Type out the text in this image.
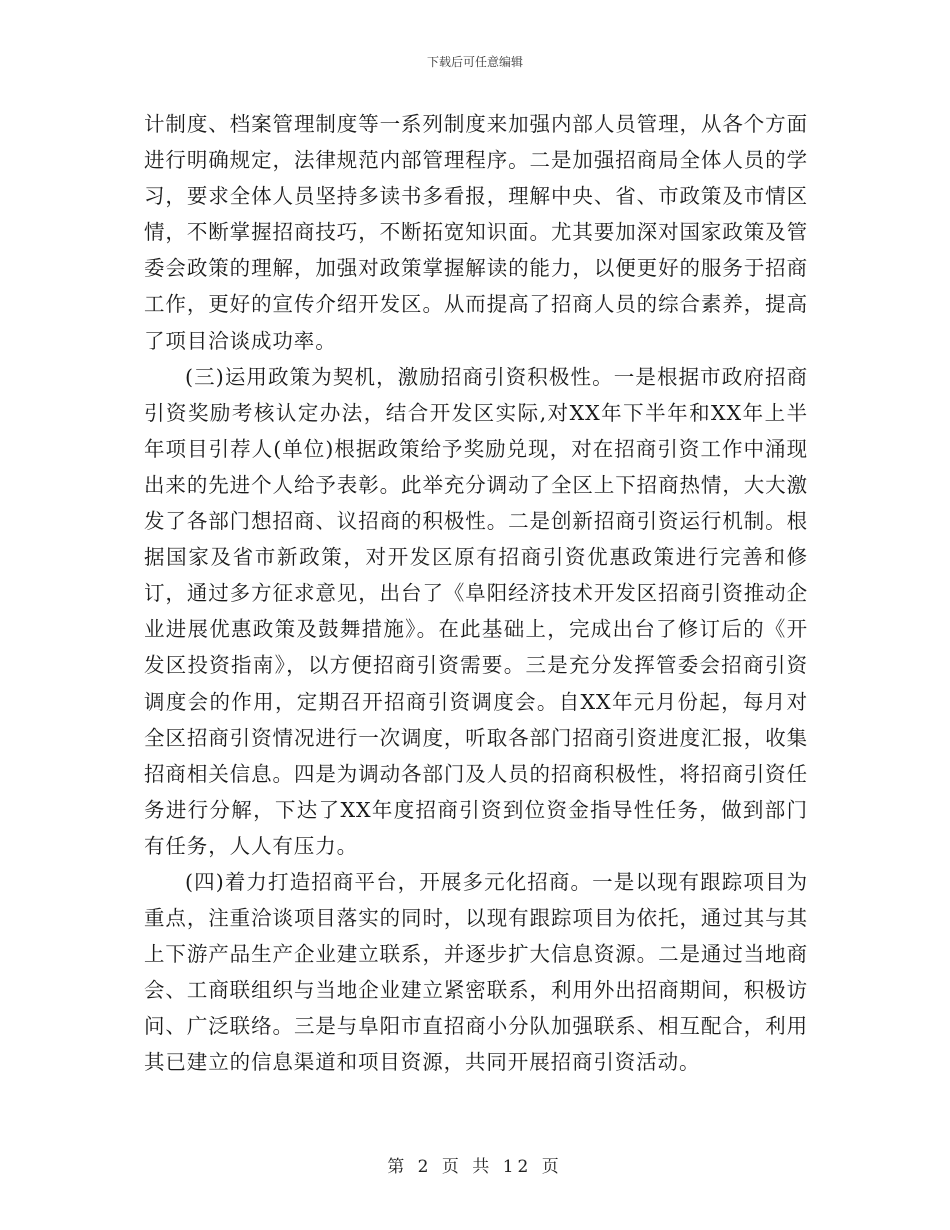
下载后可任意编辑

计制度、档案管理制度等一系列制度来加强内部人员管理，从各个方面进行明确规定，法律规范内部管理程序。二是加强招商局全体人员的学习，要求全体人员坚持多读书多看报，理解中央、省、市政策及市情区情，不断掌握招商技巧，不断拓宽知识面。尤其要加深对国家政策及管委会政策的理解，加强对政策掌握解读的能力，以便更好的服务于招商工作，更好的宣传介绍开发区。从而提高了招商人员的综合素养，提高了项目洽谈成功率。

(三)运用政策为契机，激励招商引资积极性。一是根据市政府招商引资奖励考核认定办法，结合开发区实际,对XX年下半年和XX年上半年项目引荐人(单位)根据政策给予奖励兑现，对在招商引资工作中涌现出来的先进个人给予表彰。此举充分调动了全区上下招商热情，大大激发了各部门想招商、议招商的积极性。二是创新招商引资运行机制。根据国家及省市新政策，对开发区原有招商引资优惠政策进行完善和修订，通过多方征求意见，出台了《阜阳经济技术开发区招商引资推动企业进展优惠政策及鼓舞措施》。在此基础上，完成出台了修订后的《开发区投资指南》，以方便招商引资需要。三是充分发挥管委会招商引资调度会的作用，定期召开招商引资调度会。自XX年元月份起，每月对全区招商引资情况进行一次调度，听取各部门招商引资进度汇报，收集招商相关信息。四是为调动各部门及人员的招商积极性，将招商引资任务进行分解，下达了XX年度招商引资到位资金指导性任务，做到部门有任务，人人有压力。

(四)着力打造招商平台，开展多元化招商。一是以现有跟踪项目为重点，注重洽谈项目落实的同时，以现有跟踪项目为依托，通过其与其上下游产品生产企业建立联系，并逐步扩大信息资源。二是通过当地商会、工商联组织与当地企业建立紧密联系，利用外出招商期间，积极访问、广泛联络。三是与阜阳市直招商小分队加强联系、相互配合，利用其已建立的信息渠道和项目资源，共同开展招商引资活动。

第 2 页 共 12 页
